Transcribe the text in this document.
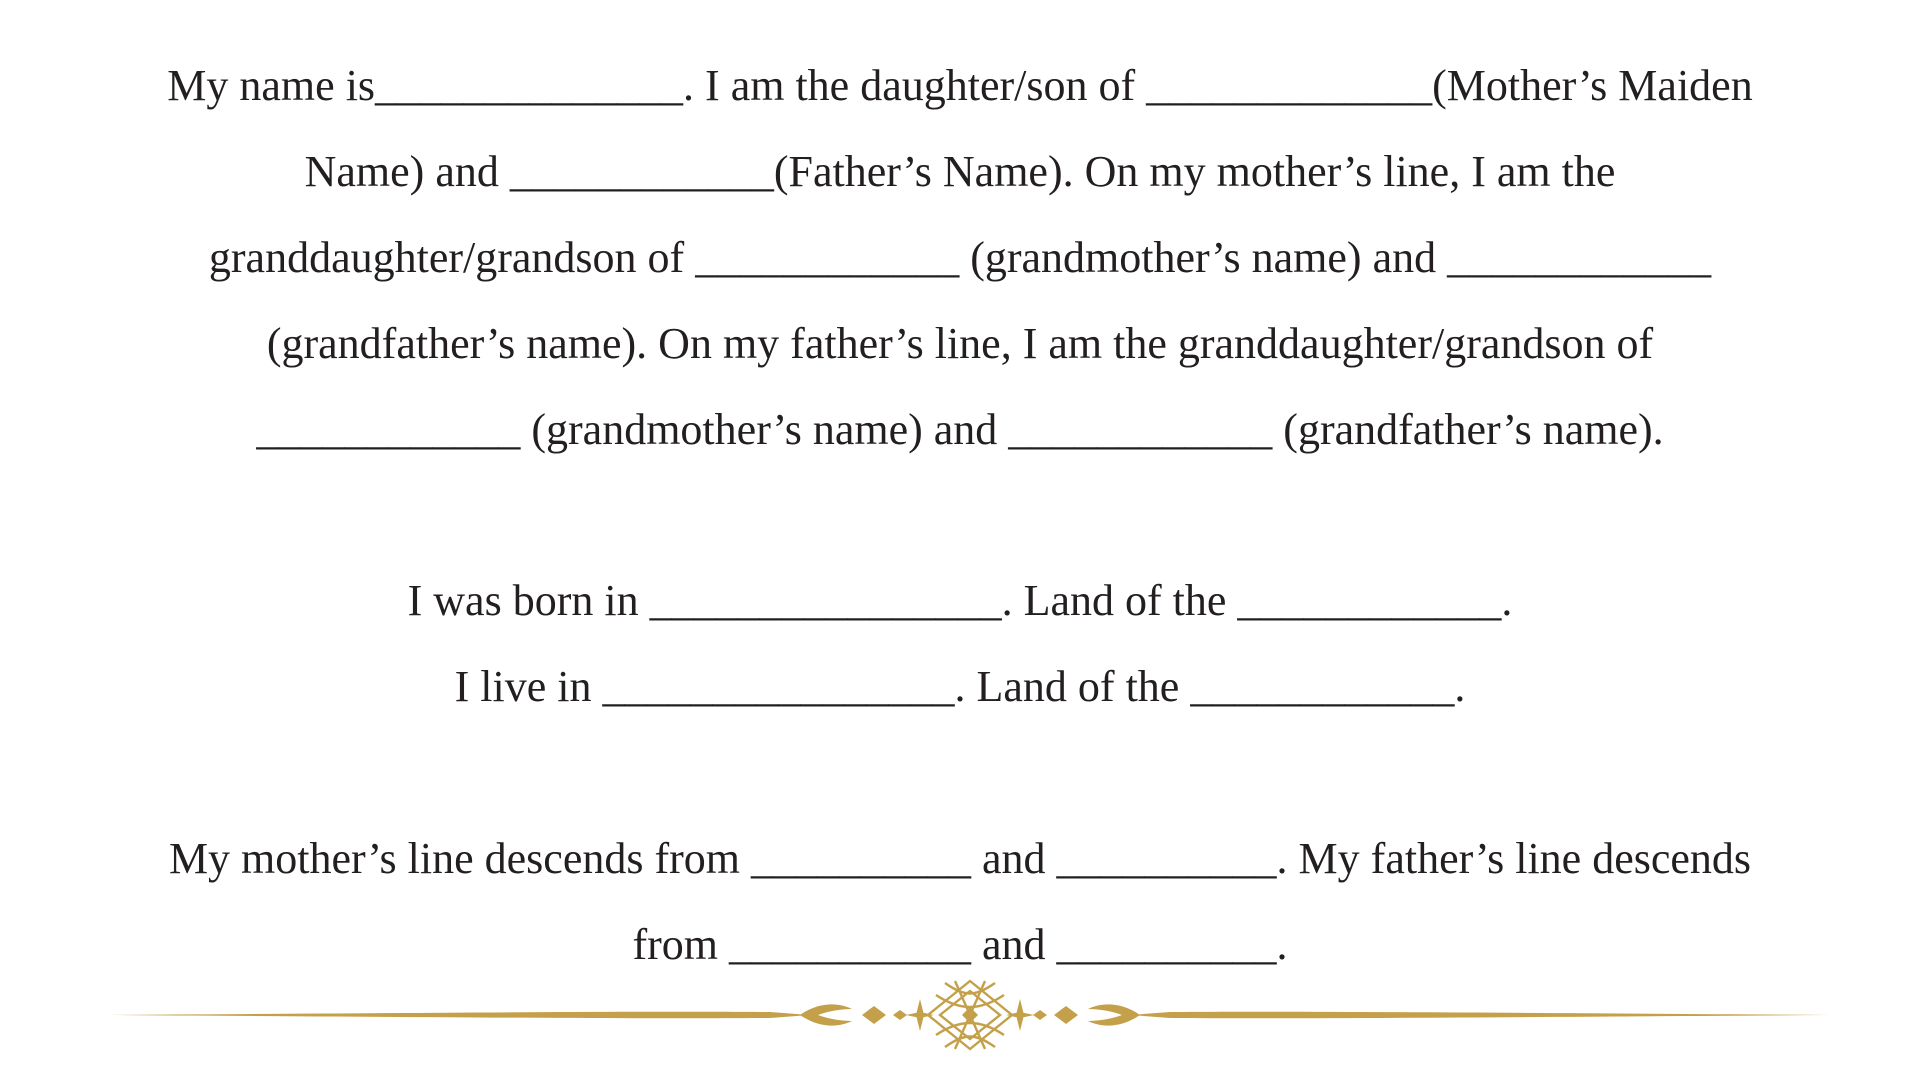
My name is______________. I am the daughter/son of _____________(Mother’s Maiden

Name) and ____________(Father’s Name). On my mother’s line, I am the

granddaughter/grandson of ____________ (grandmother’s name) and ____________

(grandfather’s name). On my father’s line, I am the granddaughter/grandson of

____________ (grandmother’s name) and ____________ (grandfather’s name).

I was born in ________________. Land of the ____________.

I live in ________________. Land of the ____________.

My mother’s line descends from __________ and __________. My father’s line descends

from ___________ and __________.
